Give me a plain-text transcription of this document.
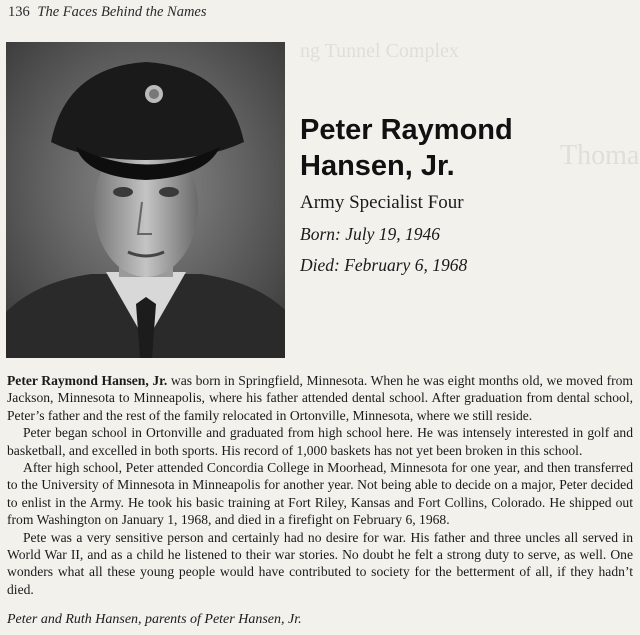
ng Tunnel Complex
Thoma
136 The Faces Behind the Names
Peter Raymond
Hansen, Jr.
Army Specialist Four
Born: July 19, 1946
Died: February 6, 1968

Peter Raymond Hansen, Jr. was born in Springfield, Minnesota. When he was eight months old, we moved from Jackson, Minnesota to Minneapolis, where his father attended dental school. After graduation from dental school, Peter’s father and the rest of the family relocated in Ortonville, Minnesota, where we still reside.

Peter began school in Ortonville and graduated from high school here. He was intensely interested in golf and basketball, and excelled in both sports. His record of 1,000 baskets has not yet been broken in this school.

After high school, Peter attended Concordia College in Moorhead, Minnesota for one year, and then transferred to the University of Minnesota in Minneapolis for another year. Not being able to decide on a major, Peter decided to enlist in the Army. He took his basic training at Fort Riley, Kansas and Fort Collins, Colorado. He shipped out from Washington on January 1, 1968, and died in a firefight on February 6, 1968.

Pete was a very sensitive person and certainly had no desire for war. His father and three uncles all served in World War II, and as a child he listened to their war stories. No doubt he felt a strong duty to serve, as well. One wonders what all these young people would have contributed to society for the betterment of all, if they hadn’t died.

Peter and Ruth Hansen, parents of Peter Hansen, Jr.
